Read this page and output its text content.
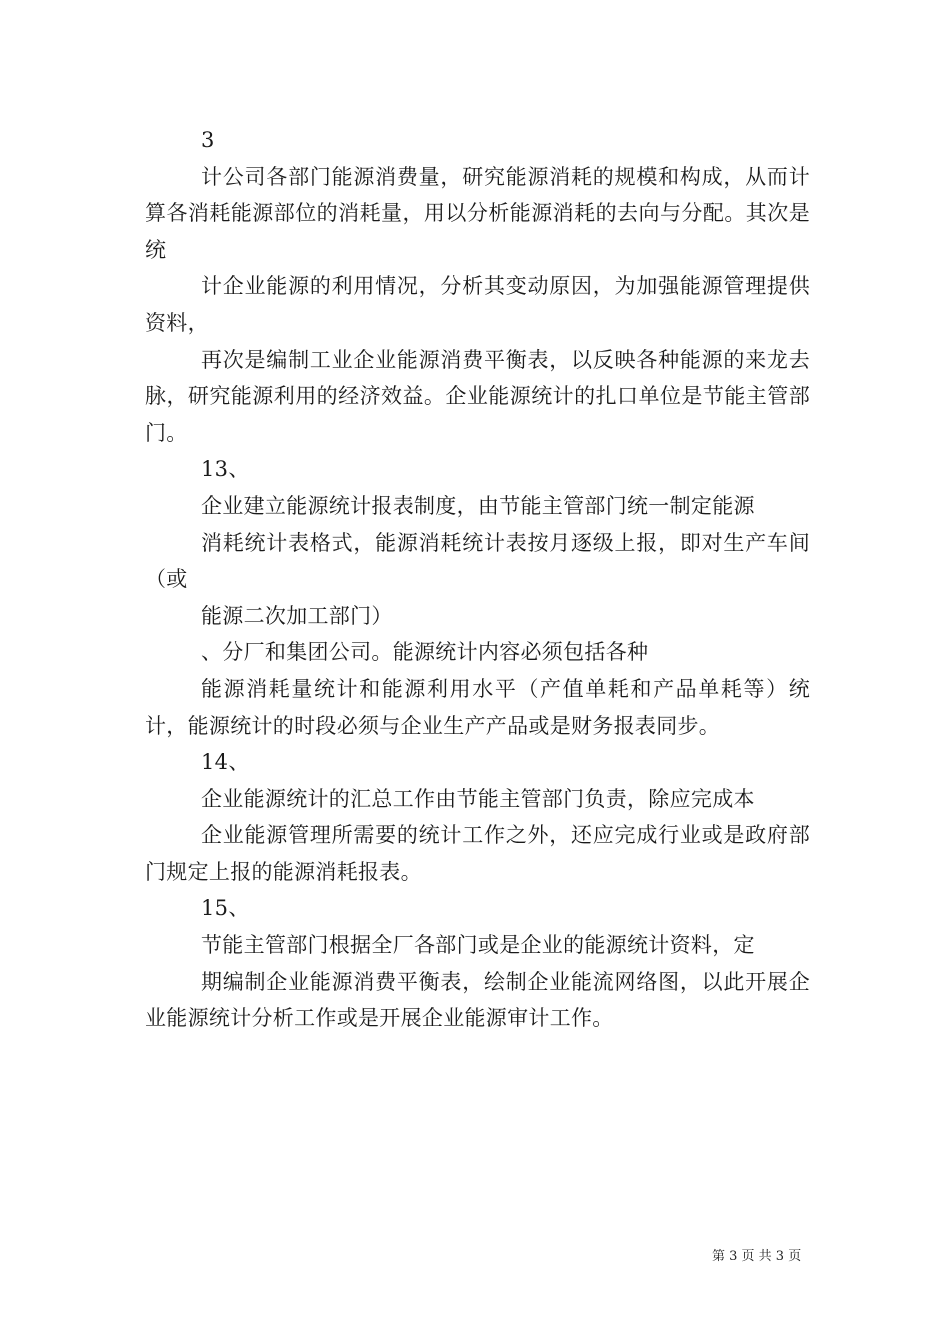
3

计公司各部门能源消费量，研究能源消耗的规模和构成，从而计算各消耗能源部位的消耗量，用以分析能源消耗的去向与分配。其次是统

计企业能源的利用情况，分析其变动原因，为加强能源管理提供资料，

再次是编制工业企业能源消费平衡表，以反映各种能源的来龙去脉，研究能源利用的经济效益。企业能源统计的扎口单位是节能主管部门。

13、

企业建立能源统计报表制度，由节能主管部门统一制定能源

消耗统计表格式，能源消耗统计表按月逐级上报，即对生产车间（或

能源二次加工部门）

、分厂和集团公司。能源统计内容必须包括各种

能源消耗量统计和能源利用水平（产值单耗和产品单耗等）统计，能源统计的时段必须与企业生产产品或是财务报表同步。

14、

企业能源统计的汇总工作由节能主管部门负责，除应完成本

企业能源管理所需要的统计工作之外，还应完成行业或是政府部门规定上报的能源消耗报表。

15、

节能主管部门根据全厂各部门或是企业的能源统计资料，定

期编制企业能源消费平衡表，绘制企业能流网络图，以此开展企业能源统计分析工作或是开展企业能源审计工作。

第 3 页 共 3 页
